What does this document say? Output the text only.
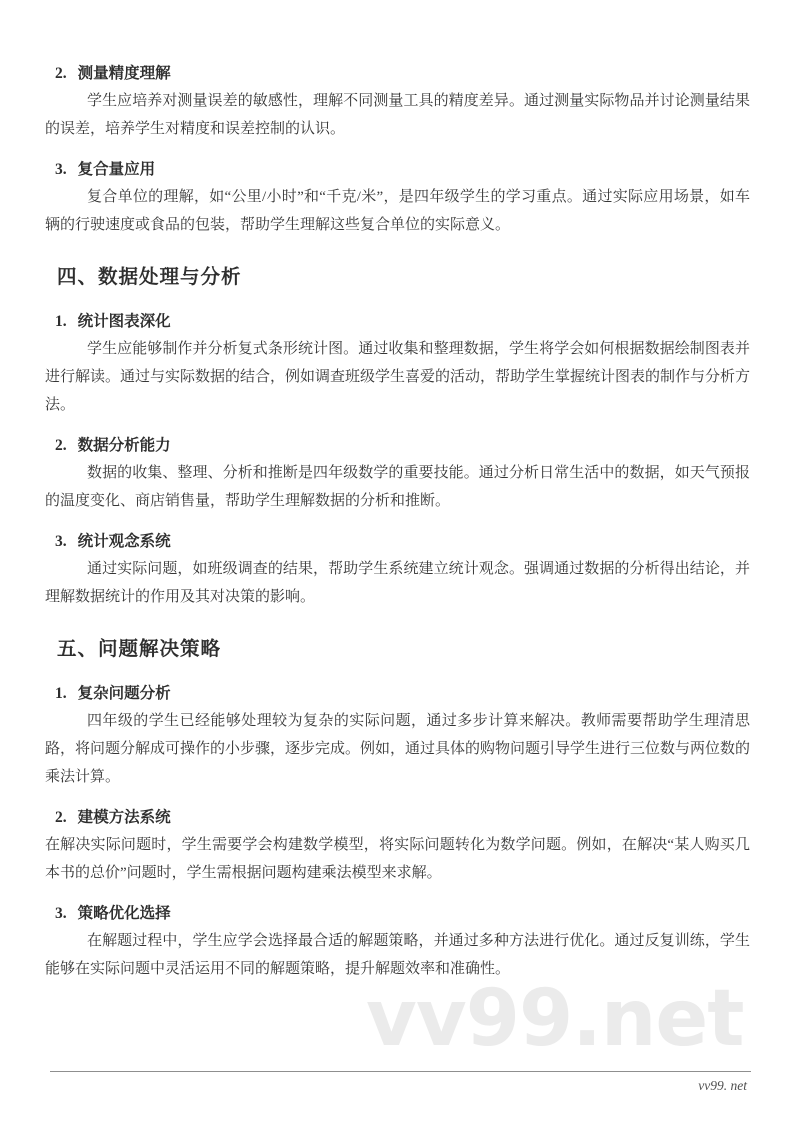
2. 测量精度理解

学生应培养对测量误差的敏感性，理解不同测量工具的精度差异。通过测量实际物品并讨论测量结果的误差，培养学生对精度和误差控制的认识。

3. 复合量应用

复合单位的理解，如“公里/小时”和“千克/米”，是四年级学生的学习重点。通过实际应用场景，如车辆的行驶速度或食品的包装，帮助学生理解这些复合单位的实际意义。

四、数据处理与分析
1. 统计图表深化

学生应能够制作并分析复式条形统计图。通过收集和整理数据，学生将学会如何根据数据绘制图表并进行解读。通过与实际数据的结合，例如调查班级学生喜爱的活动，帮助学生掌握统计图表的制作与分析方法。

2. 数据分析能力

数据的收集、整理、分析和推断是四年级数学的重要技能。通过分析日常生活中的数据，如天气预报的温度变化、商店销售量，帮助学生理解数据的分析和推断。

3. 统计观念系统

通过实际问题，如班级调查的结果，帮助学生系统建立统计观念。强调通过数据的分析得出结论，并理解数据统计的作用及其对决策的影响。

五、问题解决策略
1. 复杂问题分析

四年级的学生已经能够处理较为复杂的实际问题，通过多步计算来解决。教师需要帮助学生理清思路，将问题分解成可操作的小步骤，逐步完成。例如，通过具体的购物问题引导学生进行三位数与两位数的乘法计算。

2. 建模方法系统

在解决实际问题时，学生需要学会构建数学模型，将实际问题转化为数学问题。例如，在解决“某人购买几本书的总价”问题时，学生需根据问题构建乘法模型来求解。

3. 策略优化选择

在解题过程中，学生应学会选择最合适的解题策略，并通过多种方法进行优化。通过反复训练，学生能够在实际问题中灵活运用不同的解题策略，提升解题效率和准确性。

vv99.net
vv99. net
